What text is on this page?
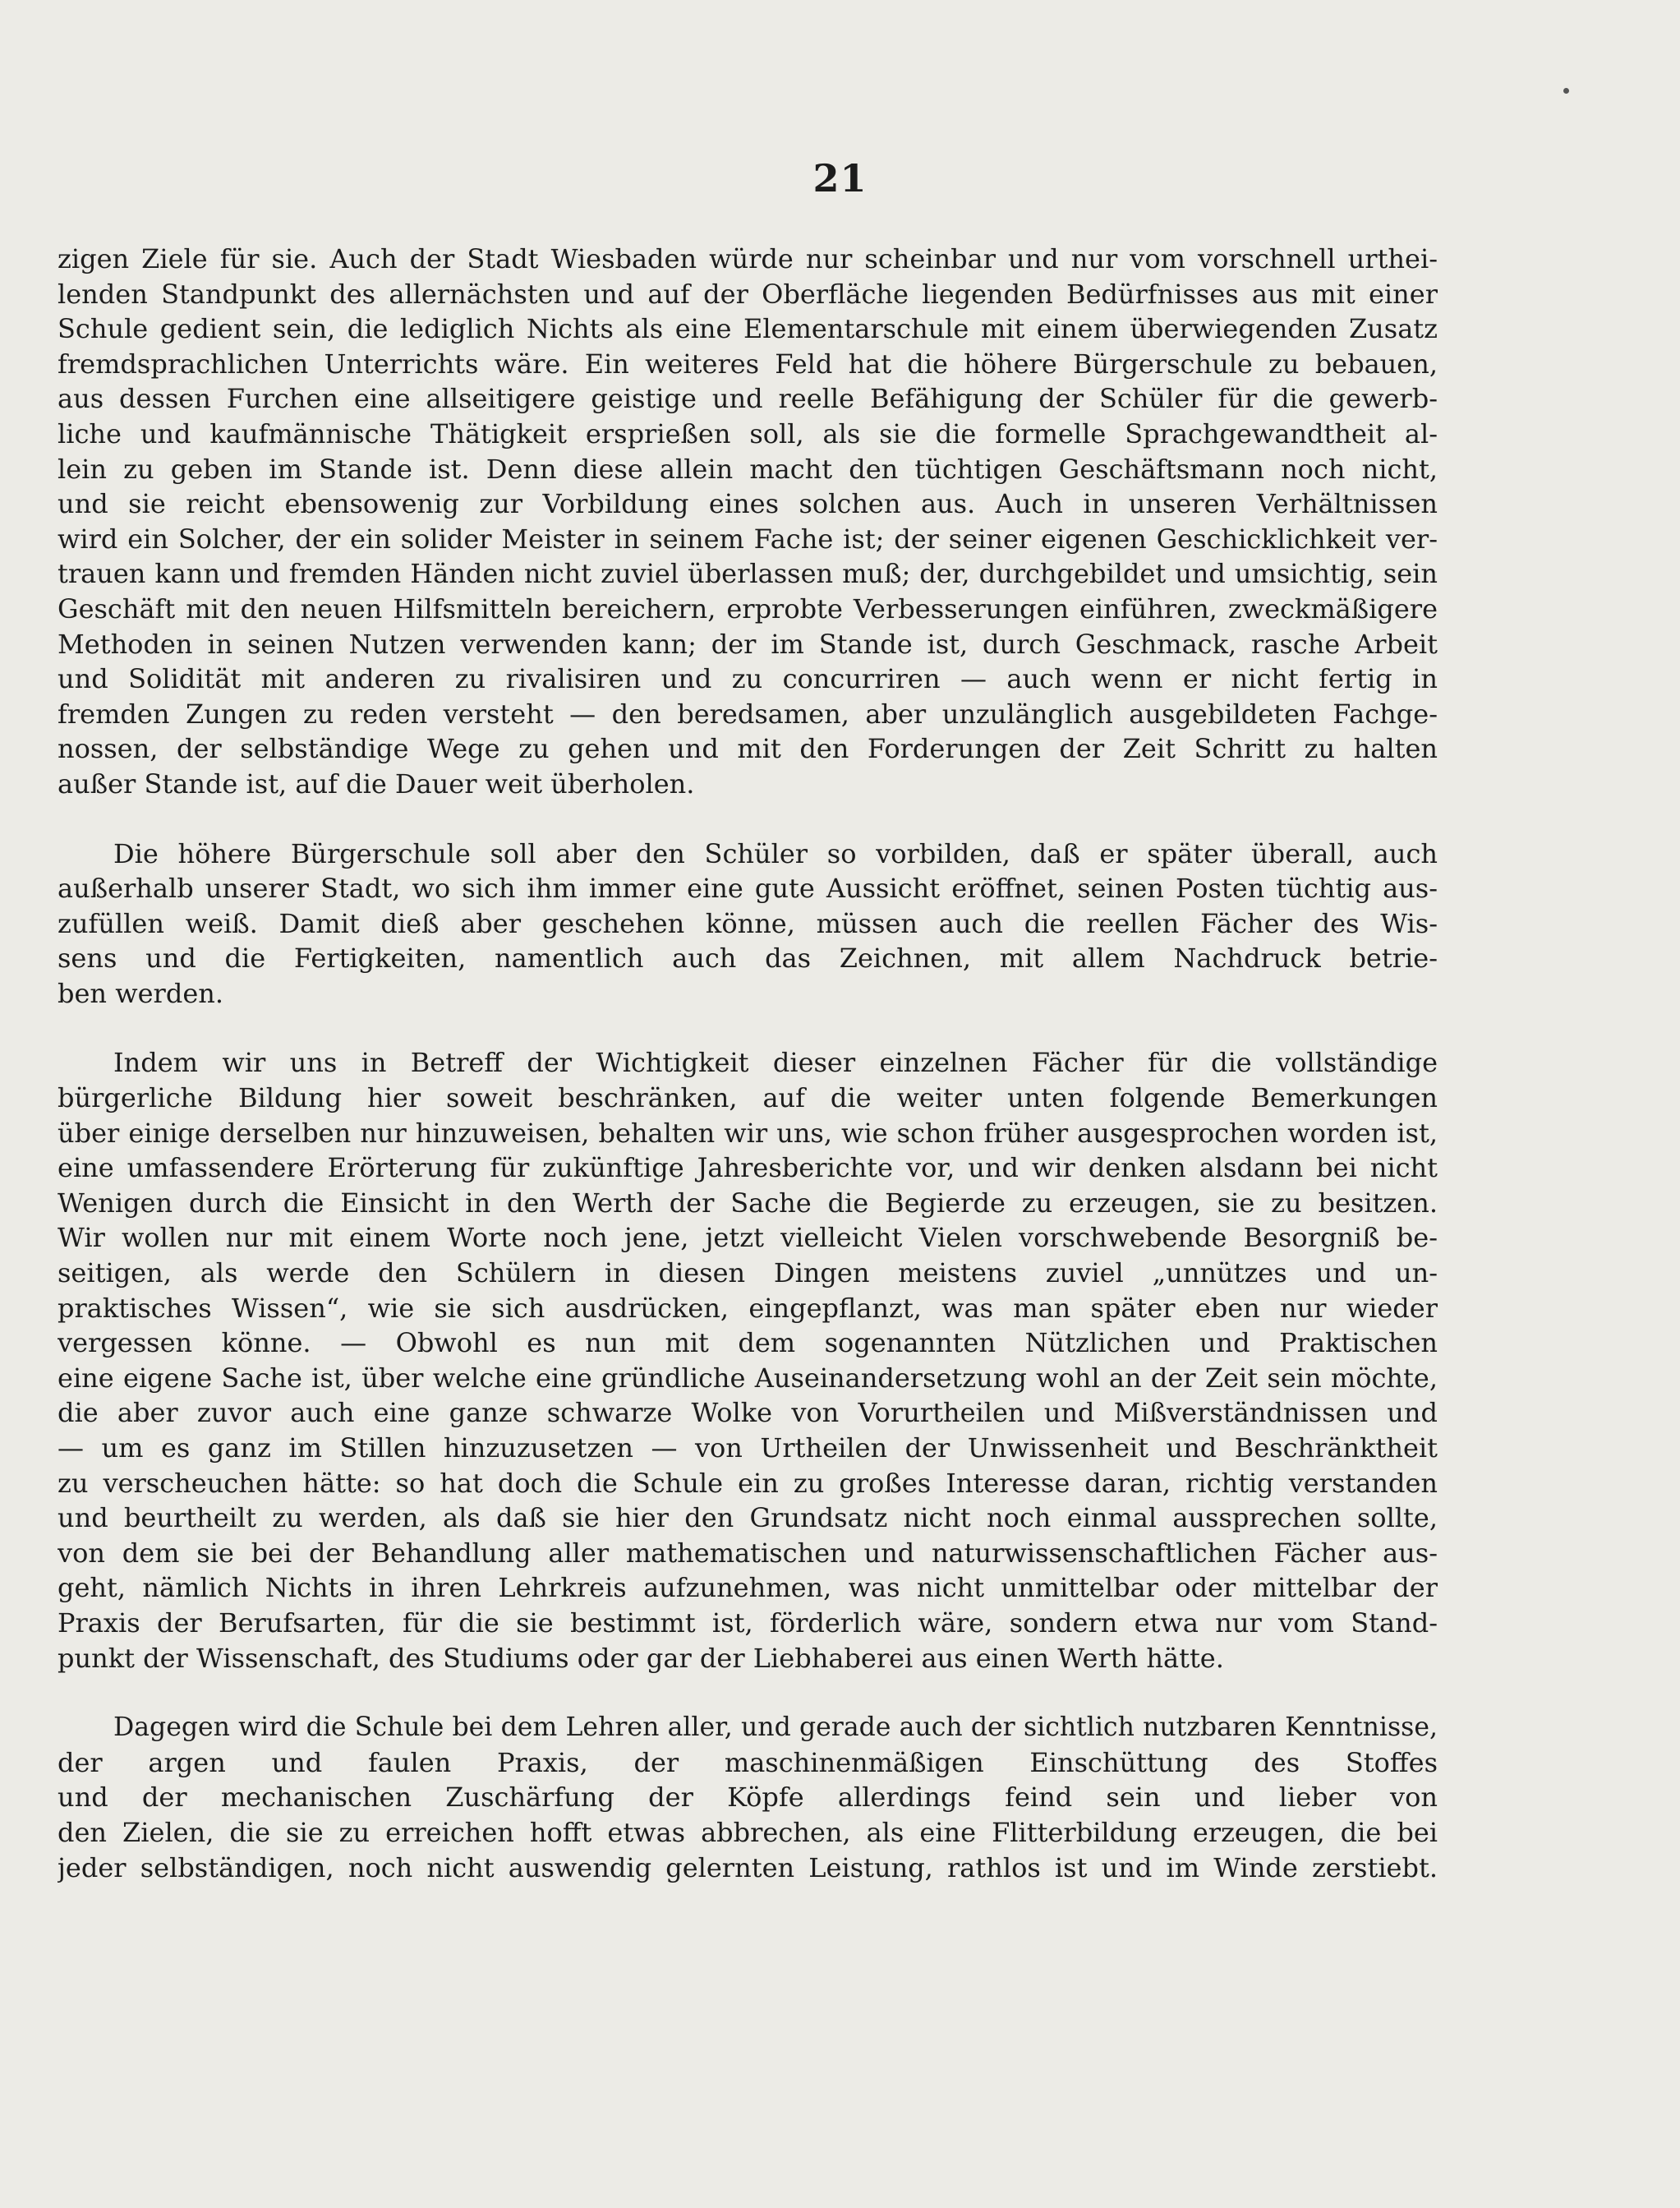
21
zigen Ziele für sie. Auch der Stadt Wiesbaden würde nur scheinbar und nur vom vorschnell urthei-
lenden Standpunkt des allernächsten und auf der Oberfläche liegenden Bedürfnisses aus mit einer
Schule gedient sein, die lediglich Nichts als eine Elementarschule mit einem überwiegenden Zusatz
fremdsprachlichen Unterrichts wäre. Ein weiteres Feld hat die höhere Bürgerschule zu bebauen,
aus dessen Furchen eine allseitigere geistige und reelle Befähigung der Schüler für die gewerb-
liche und kaufmännische Thätigkeit ersprießen soll, als sie die formelle Sprachgewandtheit al-
lein zu geben im Stande ist. Denn diese allein macht den tüchtigen Geschäftsmann noch nicht,
und sie reicht ebensowenig zur Vorbildung eines solchen aus. Auch in unseren Verhältnissen
wird ein Solcher, der ein solider Meister in seinem Fache ist; der seiner eigenen Geschicklichkeit ver-
trauen kann und fremden Händen nicht zuviel überlassen muß; der, durchgebildet und umsichtig, sein
Geschäft mit den neuen Hilfsmitteln bereichern, erprobte Verbesserungen einführen, zweckmäßigere
Methoden in seinen Nutzen verwenden kann; der im Stande ist, durch Geschmack, rasche Arbeit
und Solidität mit anderen zu rivalisiren und zu concurriren — auch wenn er nicht fertig in
fremden Zungen zu reden versteht — den beredsamen, aber unzulänglich ausgebildeten Fachge-
nossen, der selbständige Wege zu gehen und mit den Forderungen der Zeit Schritt zu halten
außer Stande ist, auf die Dauer weit überholen.
Die höhere Bürgerschule soll aber den Schüler so vorbilden, daß er später überall, auch
außerhalb unserer Stadt, wo sich ihm immer eine gute Aussicht eröffnet, seinen Posten tüchtig aus-
zufüllen weiß. Damit dieß aber geschehen könne, müssen auch die reellen Fächer des Wis-
sens und die Fertigkeiten, namentlich auch das Zeichnen, mit allem Nachdruck betrie-
ben werden.
Indem wir uns in Betreff der Wichtigkeit dieser einzelnen Fächer für die vollständige
bürgerliche Bildung hier soweit beschränken, auf die weiter unten folgende Bemerkungen
über einige derselben nur hinzuweisen, behalten wir uns, wie schon früher ausgesprochen worden ist,
eine umfassendere Erörterung für zukünftige Jahresberichte vor, und wir denken alsdann bei nicht
Wenigen durch die Einsicht in den Werth der Sache die Begierde zu erzeugen, sie zu besitzen.
Wir wollen nur mit einem Worte noch jene, jetzt vielleicht Vielen vorschwebende Besorgniß be-
seitigen, als werde den Schülern in diesen Dingen meistens zuviel „unnützes und un-
praktisches Wissen“, wie sie sich ausdrücken, eingepflanzt, was man später eben nur wieder
vergessen könne. — Obwohl es nun mit dem sogenannten Nützlichen und Praktischen
eine eigene Sache ist, über welche eine gründliche Auseinandersetzung wohl an der Zeit sein möchte,
die aber zuvor auch eine ganze schwarze Wolke von Vorurtheilen und Mißverständnissen und
— um es ganz im Stillen hinzuzusetzen — von Urtheilen der Unwissenheit und Beschränktheit
zu verscheuchen hätte: so hat doch die Schule ein zu großes Interesse daran, richtig verstanden
und beurtheilt zu werden, als daß sie hier den Grundsatz nicht noch einmal aussprechen sollte,
von dem sie bei der Behandlung aller mathematischen und naturwissenschaftlichen Fächer aus-
geht, nämlich Nichts in ihren Lehrkreis aufzunehmen, was nicht unmittelbar oder mittelbar der
Praxis der Berufsarten, für die sie bestimmt ist, förderlich wäre, sondern etwa nur vom Stand-
punkt der Wissenschaft, des Studiums oder gar der Liebhaberei aus einen Werth hätte.
Dagegen wird die Schule bei dem Lehren aller, und gerade auch der sichtlich nutzbaren Kenntnisse,
der argen und faulen Praxis, der maschinenmäßigen Einschüttung des Stoffes
und der mechanischen Zuschärfung der Köpfe allerdings feind sein und lieber von
den Zielen, die sie zu erreichen hofft etwas abbrechen, als eine Flitterbildung erzeugen, die bei
jeder selbständigen, noch nicht auswendig gelernten Leistung, rathlos ist und im Winde zerstiebt.
